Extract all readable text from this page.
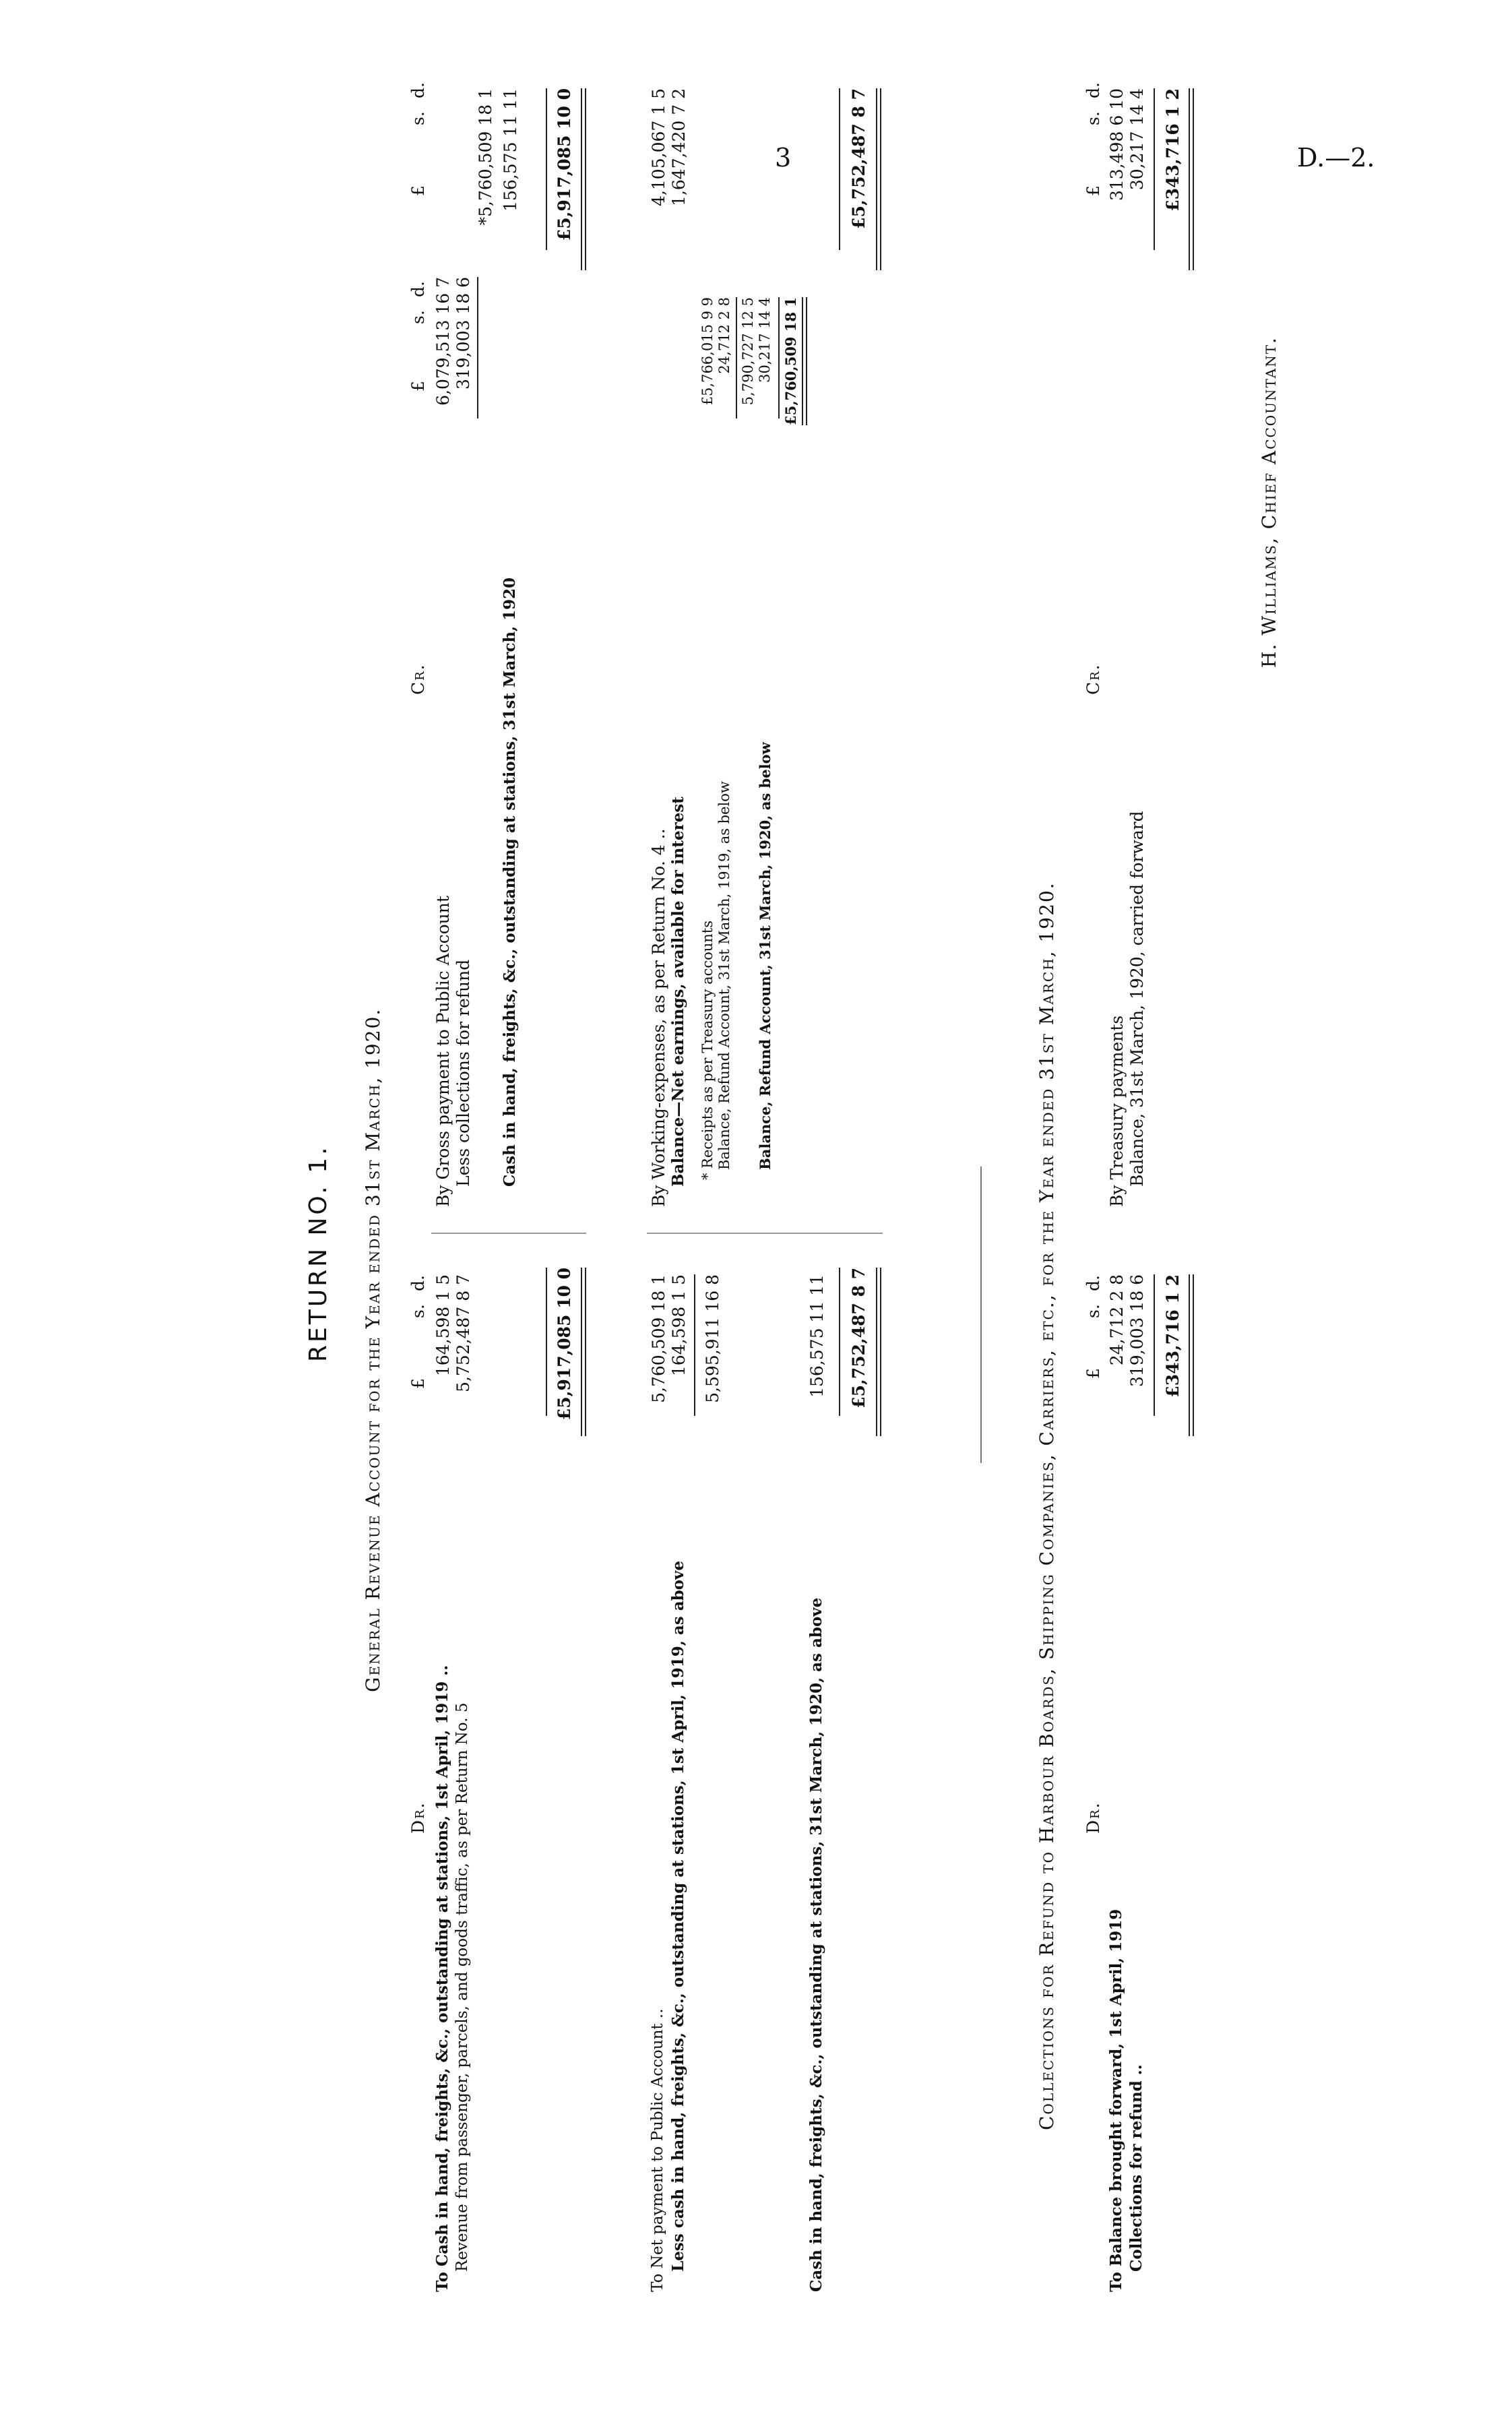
3	D.—2.
RETURN NO. 1. General Revenue Account for the Year ended 31st March, 1920.
Dr.
Cr.
£
s.
d.
£
s.
d.
£
s.
d.
To Cash in hand, freights, &c., outstanding at stations, 1st April, 1919 ..
164,598 1 5
Revenue from passenger, parcels, and goods traffic, as per Return No. 5
5,752,487 8 7	£5,917,085 10 0
By Gross payment to Public Account
6,079,513 16 7
Less collections for refund
319,003 18 6
*5,760,509 18 1
Cash in hand, freights, &c., outstanding at stations, 31st March, 1920
156,575 11 11 £5,917,085 10 0
To Net payment to Public Account ..
5,760,509 18 1
Less cash in hand, freights, &c., outstanding at stations, 1st April, 1919, as above
164,598 1 5 5,595,911 16 8
Cash in hand, freights, &c., outstanding at stations, 31st March, 1920, as above
156,575 11 11 £5,752,487 8 7
By Working-expenses, as per Return No. 4 ..
4,105,067 1 5
Balance—Net earnings, available for interest
1,647,420 7 2
* Receipts as per Treasury accounts
£5,766,015 9 9
Balance, Refund Account, 31st March, 1919, as below
24,712 2 8 5,790,727 12 5
Balance, Refund Account, 31st March, 1920, as below
30,217 14 4 £5,760,509 18 1
£5,752,487 8 7
Collections for Refund to Harbour Boards, Shipping Companies, Carriers, etc., for the Year ended 31st March, 1920. Dr.
Cr.
£
s.
d.
£
s.
d.
To Balance brought forward, 1st April, 1919
24,712 2 8
Collections for refund ..
319,003 18 6 £343,716 1 2
By Treasury payments
313,498 6 10
Balance, 31st March, 1920, carried forward
30,217 14 4 £343,716 1 2
H. Williams, Chief Accountant.
